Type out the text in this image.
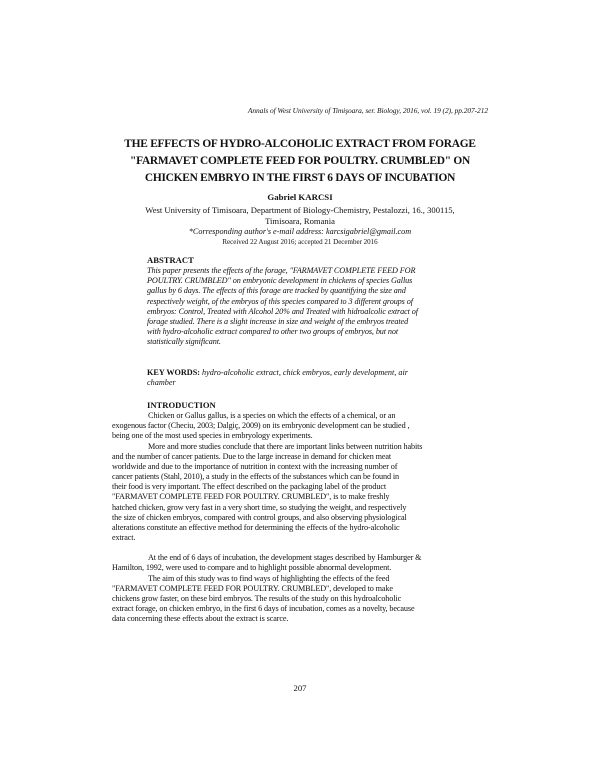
Annals of West University of Timişoara, ser. Biology, 2016, vol. 19 (2), pp.207-212
THE EFFECTS OF HYDRO-ALCOHOLIC EXTRACT FROM FORAGE
"FARMAVET COMPLETE FEED FOR POULTRY. CRUMBLED" ON
CHICKEN EMBRYO IN THE FIRST 6 DAYS OF INCUBATION
Gabriel KARCSI
West University of Timisoara, Department of Biology-Chemistry, Pestalozzi, 16., 300115,
Timisoara, Romania
*Corresponding author's e-mail address: karcsigabriel@gmail.com
Received 22 August 2016; accepted 21 December 2016
ABSTRACT
This paper presents the effects of the forage, "FARMAVET COMPLETE FEED FOR
POULTRY. CRUMBLED" on embryonic development in chickens of species Gallus
gallus by 6 days. The effects of this forage are tracked by quantifying the size and
respectively weight, of the embryos of this species compared to 3 different groups of
embryos: Control, Treated with Alcohol 20% and Treated with hidroalcolic extract of
forage studied. There is a slight increase in size and weight of the embryos treated
with hydro-alcoholic extract compared to other two groups of embryos, but not
statistically significant.
KEY WORDS: hydro-alcoholic extract, chick embryos, early development, air
chamber
INTRODUCTION
Chicken or Gallus gallus, is a species on which the effects of a chemical, or an
exogenous factor (Checiu, 2003; Dalgiç, 2009) on its embryonic development can be studied ,
being one of the most used species in embryology experiments.
More and more studies conclude that there are important links between nutrition habits
and the number of cancer patients. Due to the large increase in demand for chicken meat
worldwide and due to the importance of nutrition in context with the increasing number of
cancer patients (Stahl, 2010), a study in the effects of the substances which can be found in
their food is very important. The effect described on the packaging label of the product
"FARMAVET COMPLETE FEED FOR POULTRY. CRUMBLED", is to make freshly
hatched chicken, grow very fast in a very short time, so studying the weight, and respectively
the size of chicken embryos, compared with control groups, and also observing physiological
alterations constitute an effective method for determining the effects of the hydro-alcoholic
extract.
At the end of 6 days of incubation, the development stages described by Hamburger &
Hamilton, 1992, were used to compare and to highlight possible abnormal development.
The aim of this study was to find ways of highlighting the effects of the feed
"FARMAVET COMPLETE FEED FOR POULTRY. CRUMBLED", developed to make
chickens grow faster, on these bird embryos. The results of the study on this hydroalcoholic
extract forage, on chicken embryo, in the first 6 days of incubation, comes as a novelty, because
data concerning these effects about the extract is scarce.
207
